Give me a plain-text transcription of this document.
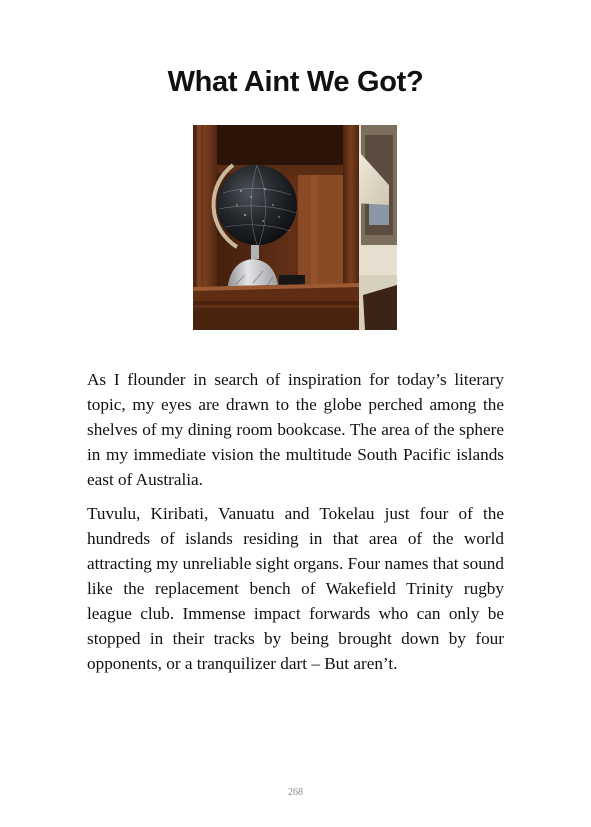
What Aint We Got?

As I flounder in search of inspiration for today’s literary topic, my eyes are drawn to the globe perched among the shelves of my dining room bookcase. The area of the sphere in my immediate vision the multitude South Pacific islands east of Australia.

Tuvulu, Kiribati, Vanuatu and Tokelau just four of the hundreds of islands residing in that area of the world attracting my unreliable sight organs. Four names that sound like the replacement bench of Wakefield Trinity rugby league club. Immense impact forwards who can only be stopped in their tracks by being brought down by four opponents, or a tranquilizer dart – But aren’t.

268
